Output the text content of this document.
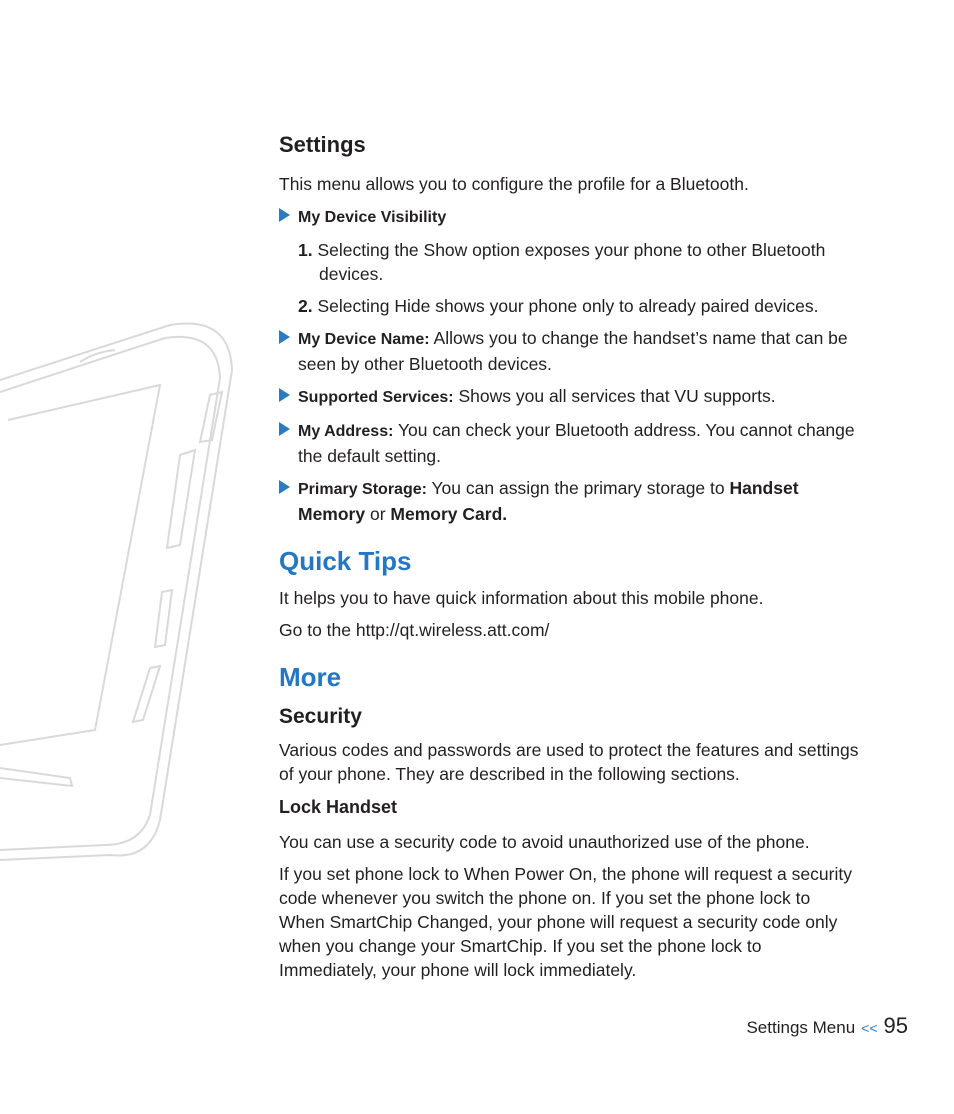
Settings

This menu allows you to configure the profile for a Bluetooth.

My Device Visibility
1. Selecting the Show option exposes your phone to other Bluetooth devices.
2. Selecting Hide shows your phone only to already paired devices.
My Device Name: Allows you to change the handset’s name that can be seen by other Bluetooth devices.
Supported Services: Shows you all services that VU supports.
My Address: You can check your Bluetooth address. You cannot change the default setting.
Primary Storage: You can assign the primary storage to Handset Memory or Memory Card.
Quick Tips

It helps you to have quick information about this mobile phone.

Go to the http://qt.wireless.att.com/

More
Security

Various codes and passwords are used to protect the features and settings of your phone. They are described in the following sections.

Lock Handset

You can use a security code to avoid unauthorized use of the phone.

If you set phone lock to When Power On, the phone will request a security code whenever you switch the phone on. If you set the phone lock to When SmartChip Changed, your phone will request a security code only when you change your SmartChip. If you set the phone lock to Immediately, your phone will lock immediately.

Settings Menu << 95
